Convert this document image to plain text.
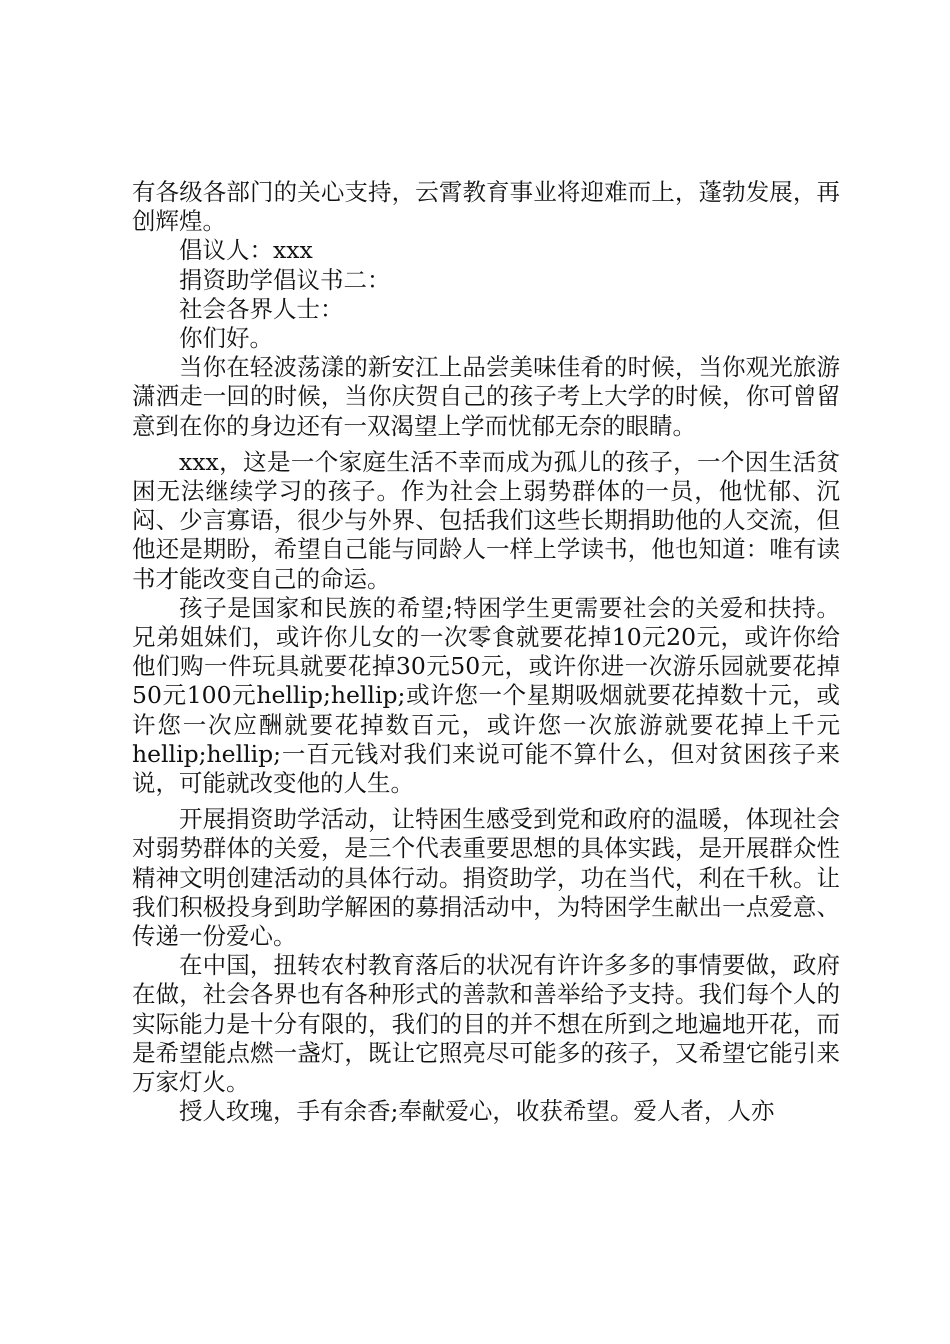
有各级各部门的关心支持，云霄教育事业将迎难而上，蓬勃发展，再创辉煌。

倡议人：xxx

捐资助学倡议书二：

社会各界人士：

你们好。

当你在轻波荡漾的新安江上品尝美味佳肴的时候，当你观光旅游潇洒走一回的时候，当你庆贺自己的孩子考上大学的时候，你可曾留意到在你的身边还有一双渴望上学而忧郁无奈的眼睛。

xxx，这是一个家庭生活不幸而成为孤儿的孩子，一个因生活贫困无法继续学习的孩子。作为社会上弱势群体的一员，他忧郁、沉闷、少言寡语，很少与外界、包括我们这些长期捐助他的人交流，但他还是期盼，希望自己能与同龄人一样上学读书，他也知道：唯有读书才能改变自己的命运。

孩子是国家和民族的希望;特困学生更需要社会的关爱和扶持。兄弟姐妹们，或许你儿女的一次零食就要花掉10元20元，或许你给他们购一件玩具就要花掉30元50元，或许你进一次游乐园就要花掉50元100元hellip;hellip;或许您一个星期吸烟就要花掉数十元，或许您一次应酬就要花掉数百元，或许您一次旅游就要花掉上千元hellip;hellip;一百元钱对我们来说可能不算什么，但对贫困孩子来说，可能就改变他的人生。

开展捐资助学活动，让特困生感受到党和政府的温暖，体现社会对弱势群体的关爱，是三个代表重要思想的具体实践，是开展群众性精神文明创建活动的具体行动。捐资助学，功在当代，利在千秋。让我们积极投身到助学解困的募捐活动中，为特困学生献出一点爱意、传递一份爱心。

在中国，扭转农村教育落后的状况有许许多多的事情要做，政府在做，社会各界也有各种形式的善款和善举给予支持。我们每个人的实际能力是十分有限的，我们的目的并不想在所到之地遍地开花，而是希望能点燃一盏灯，既让它照亮尽可能多的孩子，又希望它能引来万家灯火。

授人玫瑰，手有余香;奉献爱心，收获希望。爱人者，人亦
